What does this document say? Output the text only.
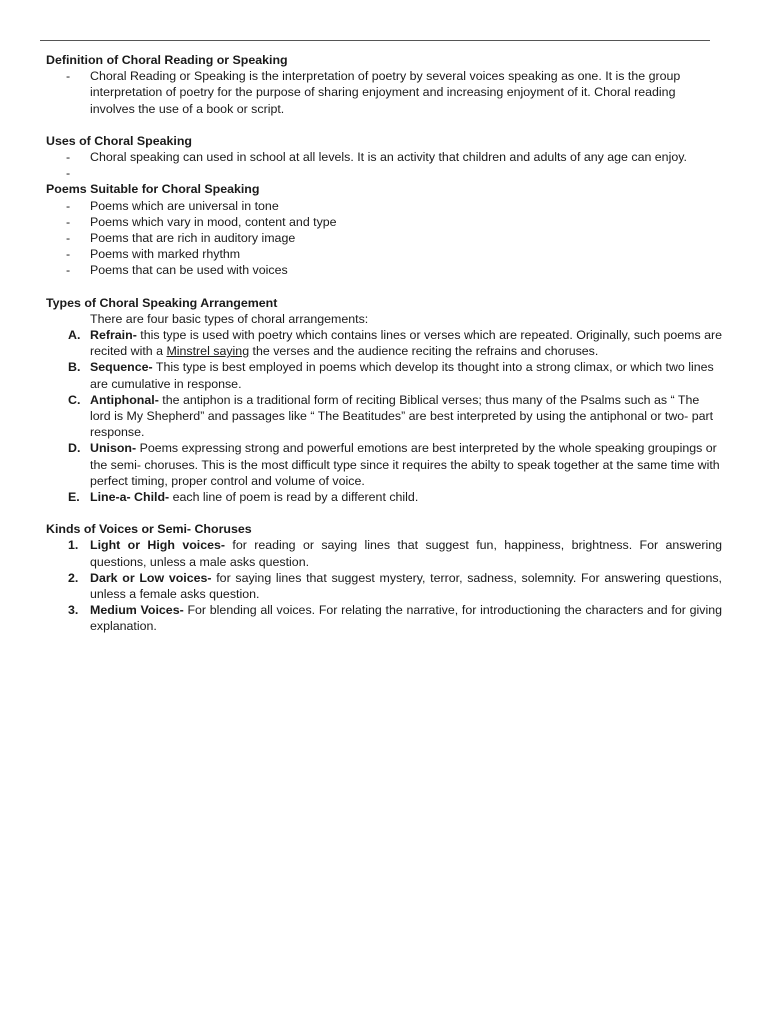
Definition of Choral Reading or Speaking

- Choral Reading or Speaking is the interpretation of poetry by several voices speaking as one. It is the group interpretation of poetry for the purpose of sharing enjoyment and increasing enjoyment of it. Choral reading involves the use of a book or script.

Uses of Choral Speaking

- Choral speaking can used in school at all levels. It is an activity that children and adults of any age can enjoy.
-

Poems Suitable for Choral Speaking

- Poems which are universal in tone
- Poems which vary in mood, content and type
- Poems that are rich in auditory image
- Poems with marked rhythm
- Poems that can be used with voices

Types of Choral Speaking Arrangement

There are four basic types of choral arrangements:
A. Refrain- this type is used with poetry which contains lines or verses which are repeated. Originally, such poems are recited with a Minstrel saying the verses and the audience reciting the refrains and choruses.
B. Sequence- This type is best employed in poems which develop its thought into a strong climax, or which two lines are cumulative in response.
C. Antiphonal- the antiphon is a traditional form of reciting Biblical verses; thus many of the Psalms such as “ The lord is My Shepherd” and passages like “ The Beatitudes” are best interpreted by using the antiphonal or two- part response.
D. Unison- Poems expressing strong and powerful emotions are best interpreted by the whole speaking groupings or the semi- choruses. This is the most difficult type since it requires the abilty to speak together at the same time with perfect timing, proper control and volume of voice.
E. Line-a- Child- each line of poem is read by a different child.

Kinds of Voices or Semi- Choruses

1. Light or High voices- for reading or saying lines that suggest fun, happiness, brightness. For answering questions, unless a male asks question.
2. Dark or Low voices- for saying lines that suggest mystery, terror, sadness, solemnity. For answering questions, unless a female asks question.
3. Medium Voices- For blending all voices. For relating the narrative, for introductioning the characters and for giving explanation.
